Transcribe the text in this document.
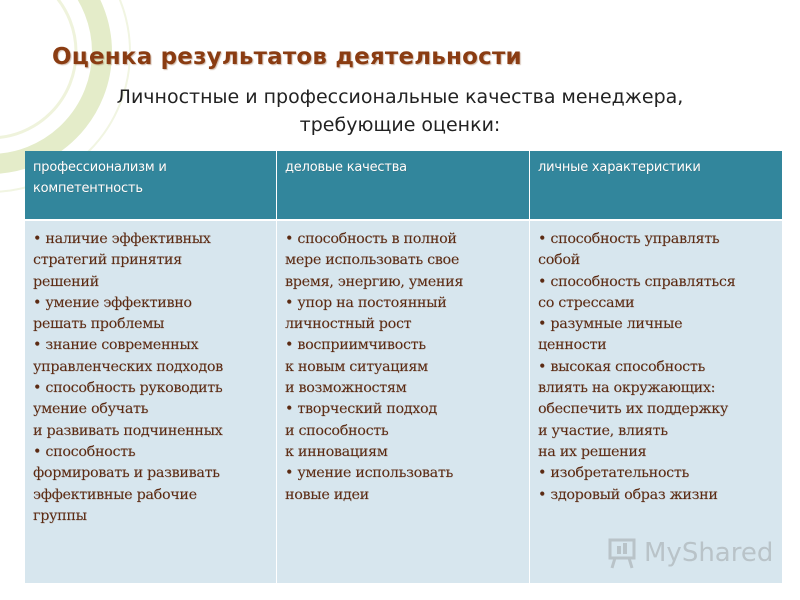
Оценка результатов деятельности
Личностные и профессиональные качества менеджера,
требующие оценки:
профессионализм и
компетентность
деловые качества	личные характеристики
• наличие эффективных
стратегий принятия
решений
• умение эффективно
решать проблемы
• знание современных
управленческих подходов
• способность руководить
умение обучать
и развивать подчиненных
• способность
формировать и развивать
эффективные рабочие
группы
• способность в полной
мере использовать свое
время, энергию, умения
• упор на постоянный
личностный рост
• восприимчивость
к новым ситуациям
и возможностям
• творческий подход
и способность
к инновациям
• умение использовать
новые идеи
• способность управлять
собой
• способность справляться
со стрессами
• разумные личные
ценности
• высокая способность
влиять на окружающих:
обеспечить их поддержку
и участие, влиять
на их решения
• изобретательность
• здоровый образ жизни
MyShared
